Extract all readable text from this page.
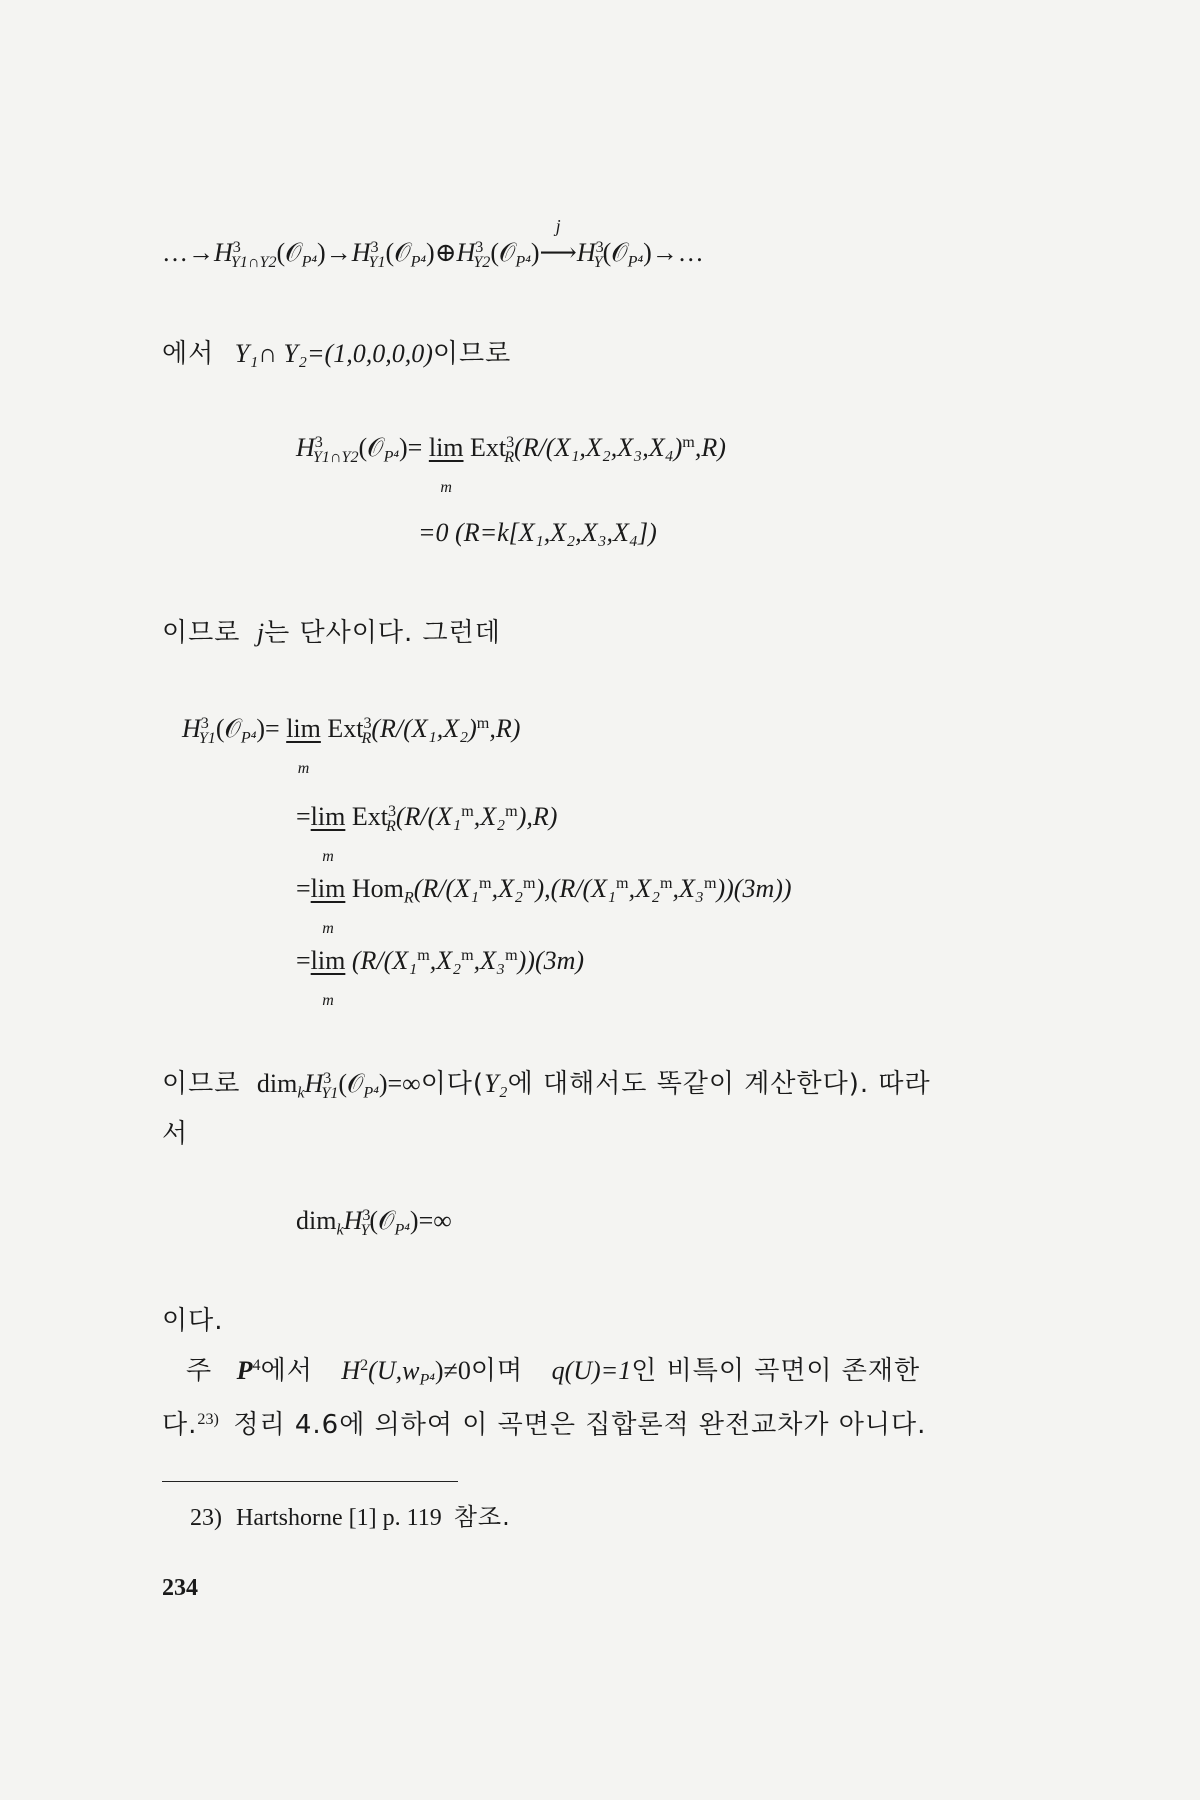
$\dots\to H^3_{Y1\cap Y2}(𝒪_{P^4})\to H^3_{Y1}(𝒪_{P^4})\oplus H^3_{Y2}(𝒪_{P^4})$
j
$⟶H^3_Y(𝒪_{P^4})\to\dots$
에서 Y₁∩ Y₂=(1,0,0,0,0)이므로
$H^3_{Y1\cap Y2}(𝒪_{P^4})= \lim$
m
$Ext^3_R(R/(X_1,X_2,X_3,X_4)^m,R)$
=0 (R=k[X₁,X₂,X₃,X₄])
이므로 j는 단사이다. 그런데
$H^3_{Y1}(𝒪_{P^4})= \lim$
m
$Ext^3_R(R/(X_1,X_2)^m,R)$
=lim
m
Ext$^3_R$(R/(X₁$^m$,X₂$^m$),R)
=lim
m
Hom$_R$(R/(X₁$^m$,X₂$^m$),(R/(X₁$^m$,X₂$^m$,X₃$^m$))(3m))
=lim
m
(R/(X₁$^m$,X₂$^m$,X₃$^m$))(3m)
이므로 $dim_kH^3_{Y1}(𝒪_{P^4})=\infty$이다(Y₂에 대해서도 똑같이 계산한다). 따라
서
$dim_kH^3_Y(𝒪_{P^4})=\infty$
이다.
주 $P^4$에서 $H^2(U,w_{P^4})\ne 0$이며 q(U)=1인 비특이 곡면이 존재한
다.$^{23)}$ 정리 4.6에 의하여 이 곡면은 집합론적 완전교차가 아니다.
23) Hartshorne [1] p. 119 참조.
234
